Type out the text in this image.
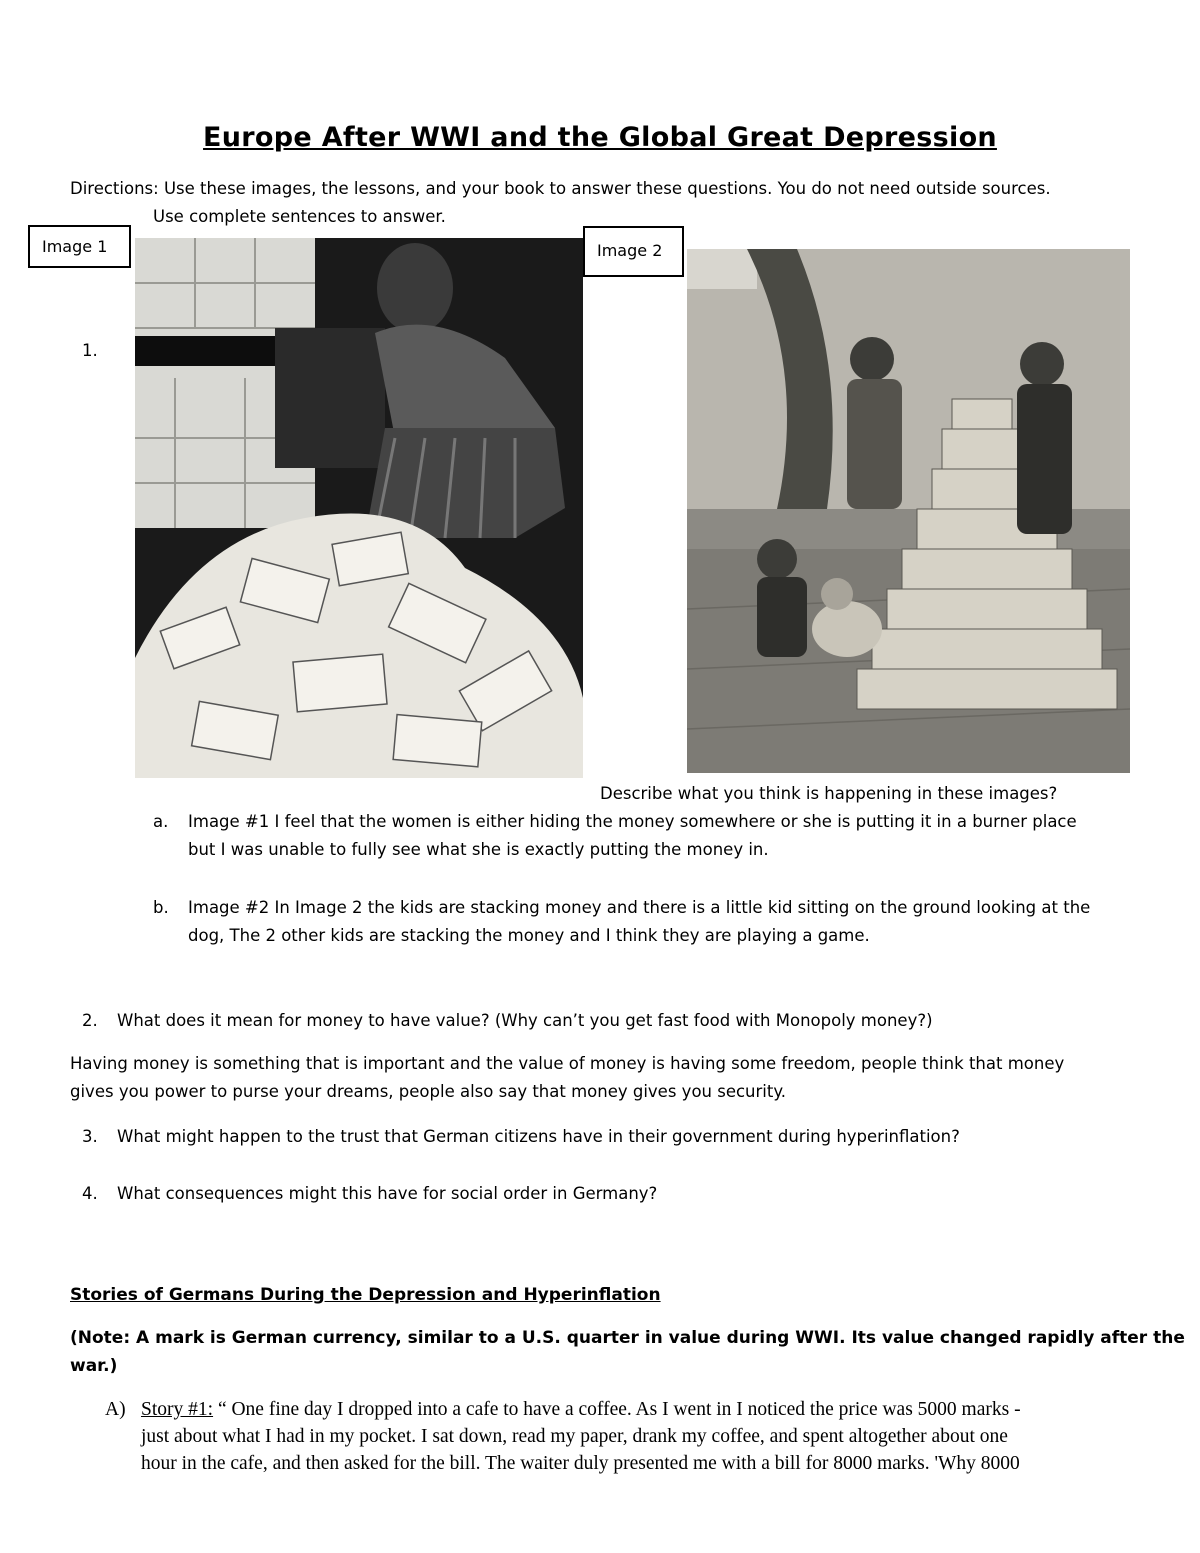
Europe After WWI and the Global Great Depression
Directions: Use these images, the lessons, and your book to answer these questions. You do not need outside sources.
Use complete sentences to answer.
Image 1
1.
Image 2
Describe what you think is happening in these images?
a. Image #1 I feel that the women is either hiding the money somewhere or she is putting it in a burner place
but I was unable to fully see what she is exactly putting the money in.
b. Image #2 In Image 2 the kids are stacking money and there is a little kid sitting on the ground looking at the
dog, The 2 other kids are stacking the money and I think they are playing a game.
2. What does it mean for money to have value? (Why can’t you get fast food with Monopoly money?)
Having money is something that is important and the value of money is having some freedom, people think that money
gives you power to purse your dreams, people also say that money gives you security.
3. What might happen to the trust that German citizens have in their government during hyperinflation?
4. What consequences might this have for social order in Germany?
Stories of Germans During the Depression and Hyperinflation
(Note: A mark is German currency, similar to a U.S. quarter in value during WWI. Its value changed rapidly after the
war.)
A) Story #1: “ One fine day I dropped into a cafe to have a coffee. As I went in I noticed the price was 5000 marks -
just about what I had in my pocket. I sat down, read my paper, drank my coffee, and spent altogether about one
hour in the cafe, and then asked for the bill. The waiter duly presented me with a bill for 8000 marks. 'Why 8000
